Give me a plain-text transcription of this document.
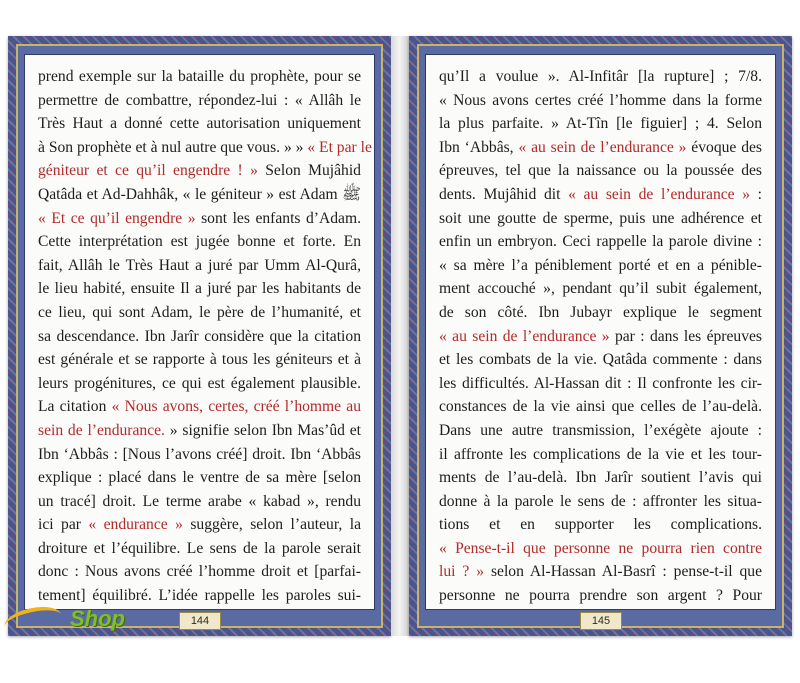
prend exemple sur la bataille du prophète, pour se
permettre de combattre, répondez-lui : « Allâh le
Très Haut a donné cette autorisation uniquement
à Son prophète et à nul autre que vous. » » « Et par le
géniteur et ce qu’il engendre ! » Selon Mujâhid
Qatâda et Ad-Dahhâk, « le géniteur » est Adam ﷺ
« Et ce qu’il engendre » sont les enfants d’Adam.
Cette interprétation est jugée bonne et forte. En
fait, Allâh le Très Haut a juré par Umm Al-Qurâ,
le lieu habité, ensuite Il a juré par les habitants de
ce lieu, qui sont Adam, le père de l’humanité, et
sa descendance. Ibn Jarîr considère que la citation
est générale et se rapporte à tous les géniteurs et à
leurs progénitures, ce qui est également plausible.
La citation « Nous avons, certes, créé l’homme au
sein de l’endurance. » signifie selon Ibn Mas’ûd et
Ibn ‘Abbâs : [Nous l’avons créé] droit. Ibn ‘Abbâs
explique : placé dans le ventre de sa mère [selon
un tracé] droit. Le terme arabe « kabad », rendu
ici par « endurance » suggère, selon l’auteur, la
droiture et l’équilibre. Le sens de la parole serait
donc : Nous avons créé l’homme droit et [parfai-
tement] équilibré. L’idée rappelle les paroles sui-
144
qu’Il a voulue ». Al-Infitâr [la rupture] ; 7/8.
« Nous avons certes créé l’homme dans la forme
la plus parfaite. » At-Tîn [le figuier] ; 4. Selon
Ibn ‘Abbâs, « au sein de l’endurance » évoque des
épreuves, tel que la naissance ou la poussée des
dents. Mujâhid dit « au sein de l’endurance » :
soit une goutte de sperme, puis une adhérence et
enfin un embryon. Ceci rappelle la parole divine :
« sa mère l’a péniblement porté et en a pénible-
ment accouché », pendant qu’il subit également,
de son côté. Ibn Jubayr explique le segment
« au sein de l’endurance » par : dans les épreuves
et les combats de la vie. Qatâda commente : dans
les difficultés. Al-Hassan dit : Il confronte les cir-
constances de la vie ainsi que celles de l’au-delà.
Dans une autre transmission, l’exégète ajoute :
il affronte les complications de la vie et les tour-
ments de l’au-delà. Ibn Jarîr soutient l’avis qui
donne à la parole le sens de : affronter les situa-
tions et en supporter les complications.
« Pense-t-il que personne ne pourra rien contre
lui ? » selon Al-Hassan Al-Basrî : pense-t-il que
personne ne pourra prendre son argent ? Pour
145
Shop
